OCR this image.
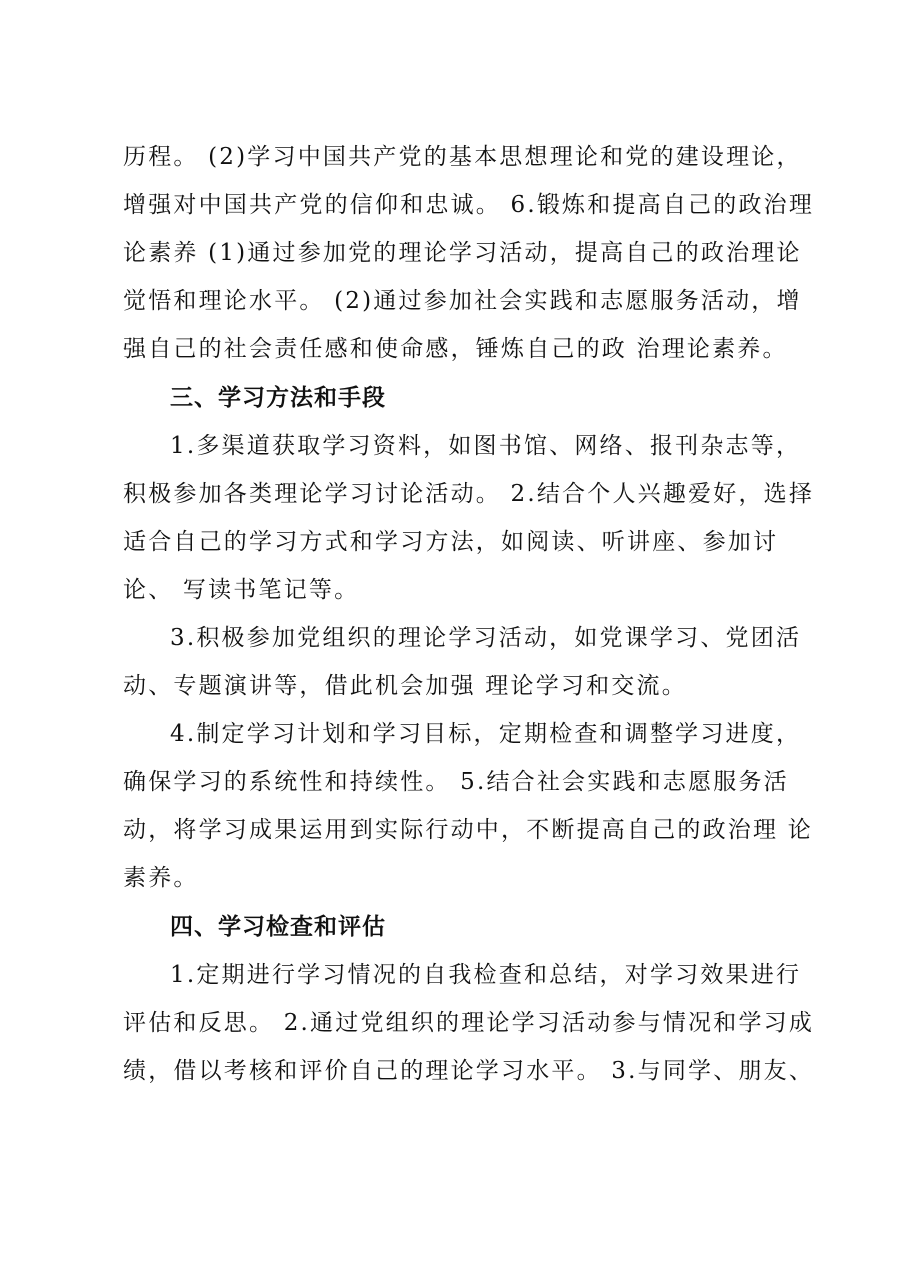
历程。 (2)学习中国共产党的基本思想理论和党的建设理论，
增强对中国共产党的信仰和忠诚。 6.锻炼和提高自己的政治理
论素养 (1)通过参加党的理论学习活动，提高自己的政治理论
觉悟和理论水平。 (2)通过参加社会实践和志愿服务活动，增
强自己的社会责任感和使命感，锤炼自己的政 治理论素养。
三、学习方法和手段
1.多渠道获取学习资料，如图书馆、网络、报刊杂志等，
积极参加各类理论学习讨论活动。 2.结合个人兴趣爱好，选择
适合自己的学习方式和学习方法，如阅读、听讲座、参加讨
论、 写读书笔记等。
3.积极参加党组织的理论学习活动，如党课学习、党团活
动、专题演讲等，借此机会加强 理论学习和交流。
4.制定学习计划和学习目标，定期检查和调整学习进度，
确保学习的系统性和持续性。 5.结合社会实践和志愿服务活
动，将学习成果运用到实际行动中，不断提高自己的政治理 论
素养。
四、学习检查和评估
1.定期进行学习情况的自我检查和总结，对学习效果进行
评估和反思。 2.通过党组织的理论学习活动参与情况和学习成
绩，借以考核和评价自己的理论学习水平。 3.与同学、朋友、
